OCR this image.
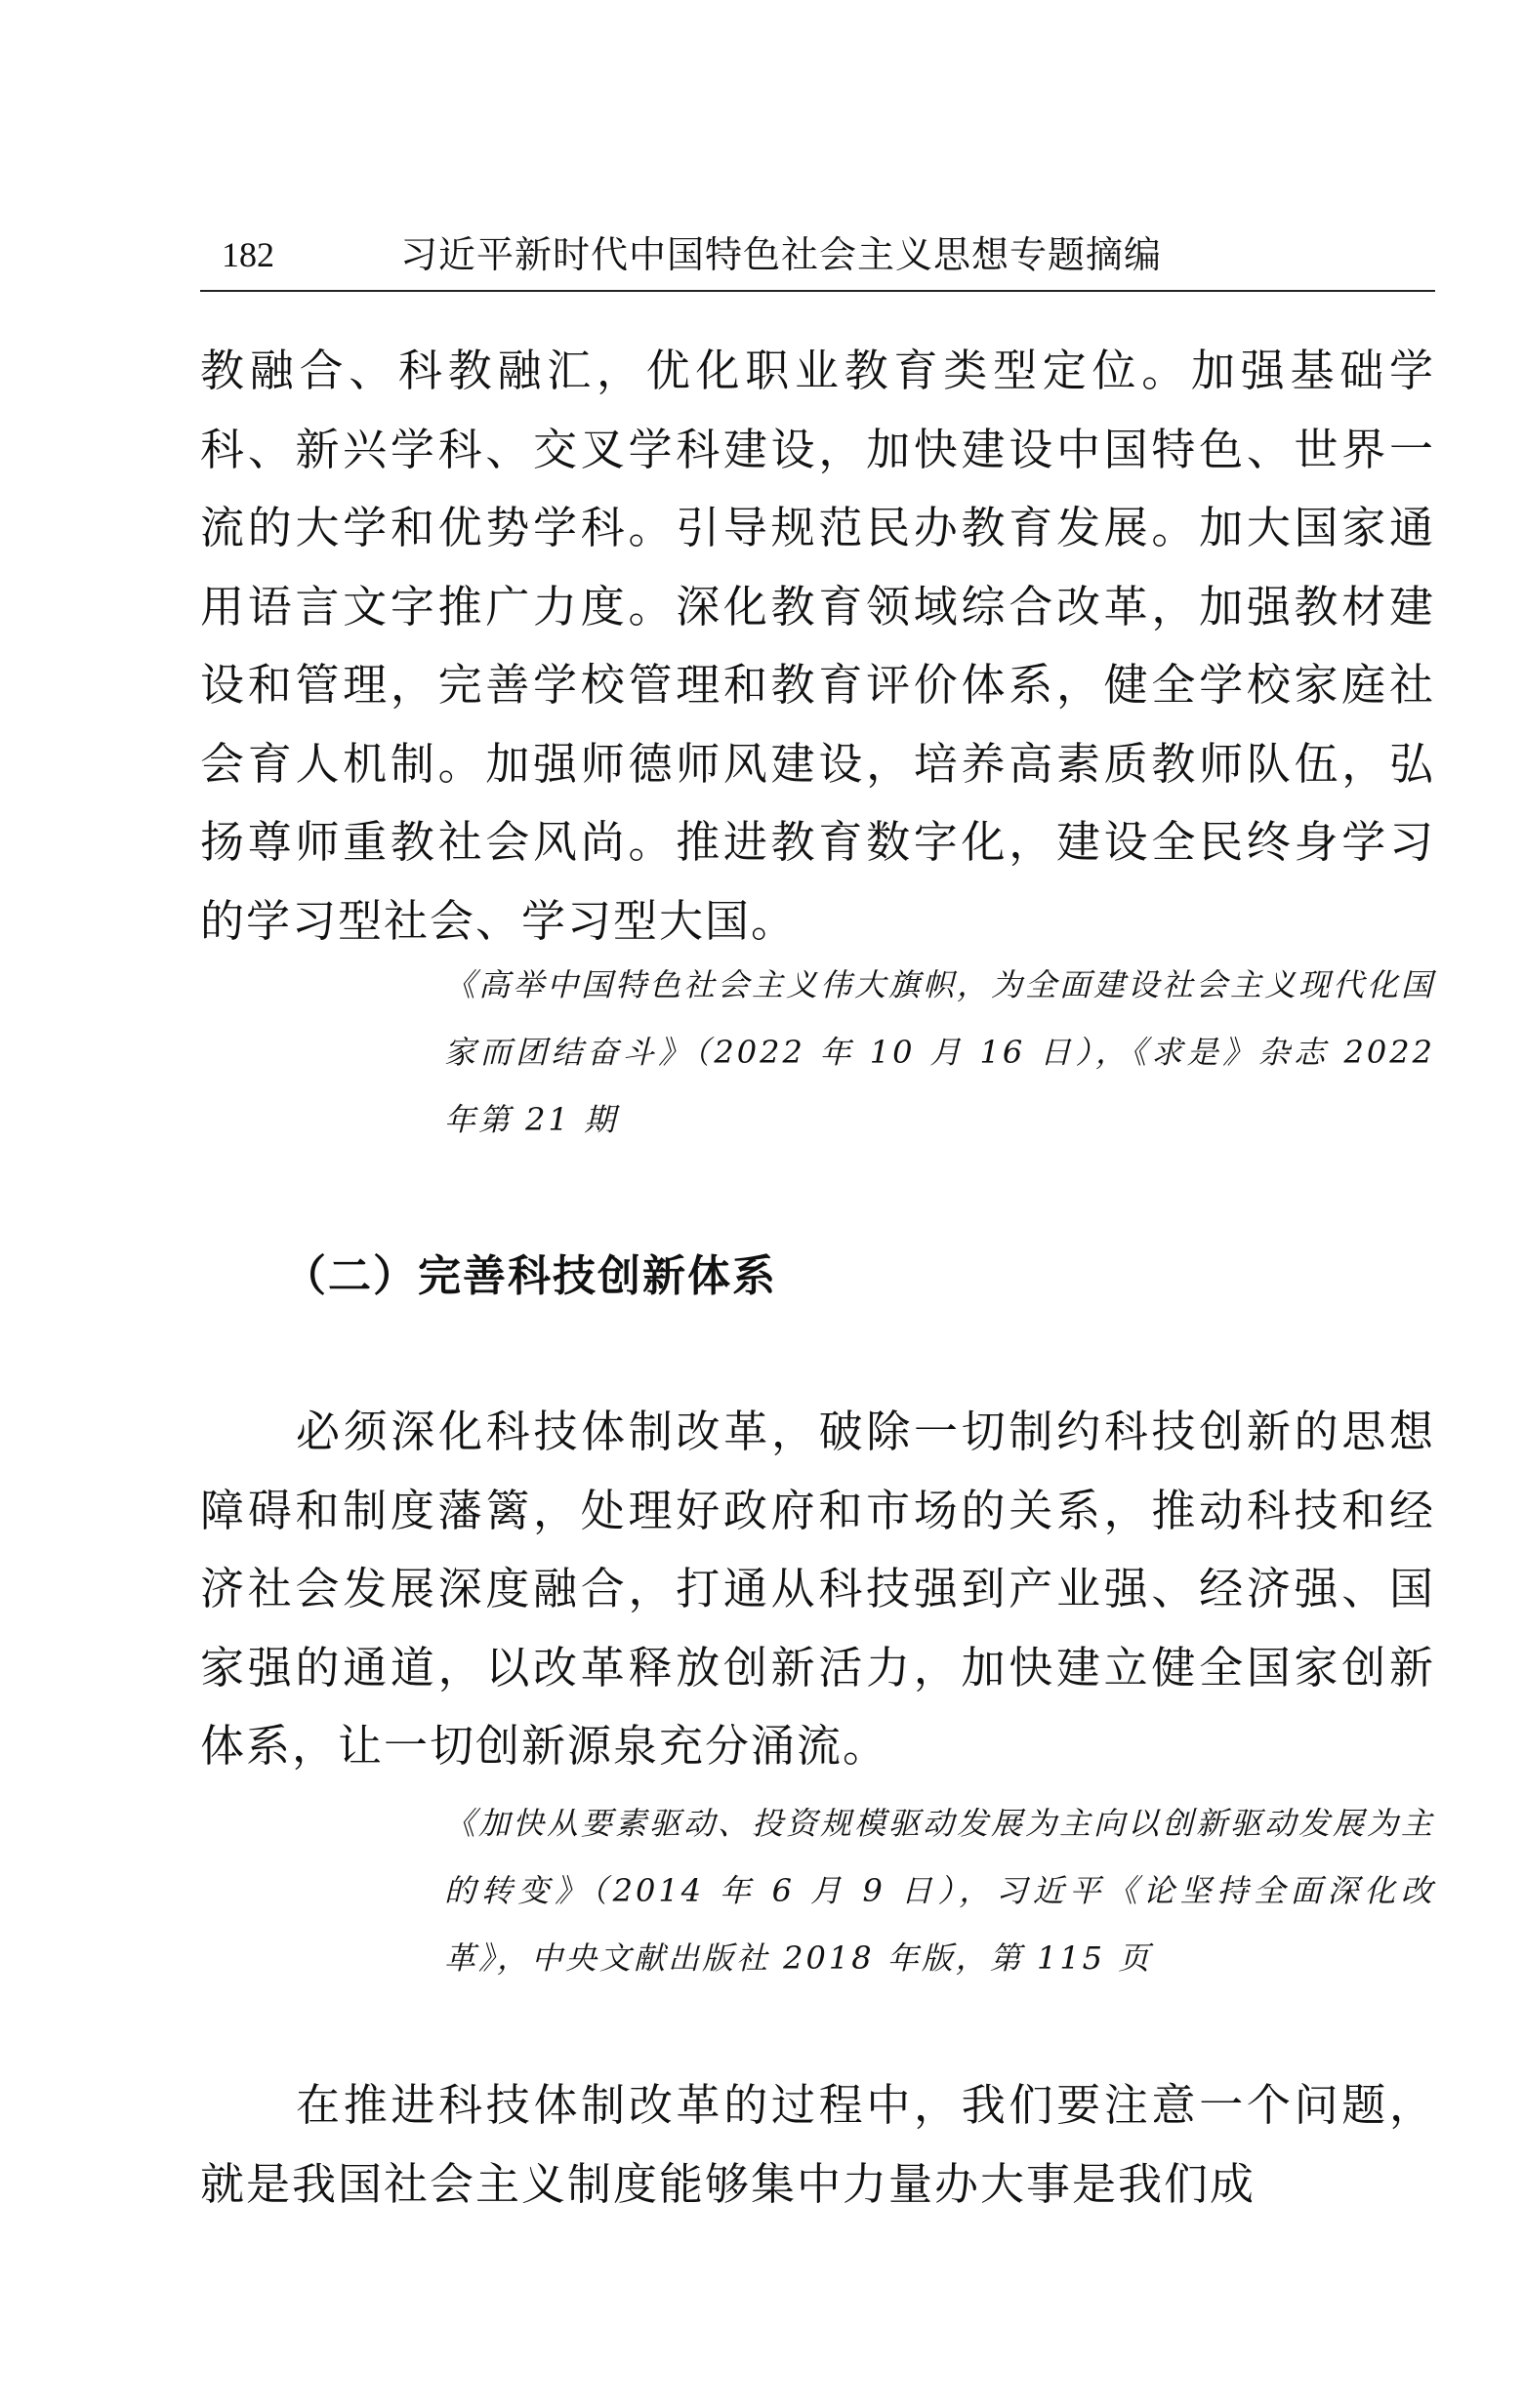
182	习近平新时代中国特色社会主义思想专题摘编

教融合、科教融汇，优化职业教育类型定位。加强基础学科、新兴学科、交叉学科建设，加快建设中国特色、世界一流的大学和优势学科。引导规范民办教育发展。加大国家通用语言文字推广力度。深化教育领域综合改革，加强教材建设和管理，完善学校管理和教育评价体系，健全学校家庭社会育人机制。加强师德师风建设，培养高素质教师队伍，弘扬尊师重教社会风尚。推进教育数字化，建设全民终身学习的学习型社会、学习型大国。

《高举中国特色社会主义伟大旗帜，为全面建设社会主义现代化国家而团结奋斗》（2022 年 10 月 16 日），《求是》杂志 2022 年第 21 期

（二）完善科技创新体系

必须深化科技体制改革，破除一切制约科技创新的思想障碍和制度藩篱，处理好政府和市场的关系，推动科技和经济社会发展深度融合，打通从科技强到产业强、经济强、国家强的通道，以改革释放创新活力，加快建立健全国家创新体系，让一切创新源泉充分涌流。

《加快从要素驱动、投资规模驱动发展为主向以创新驱动发展为主的转变》（2014 年 6 月 9 日），习近平《论坚持全面深化改革》，中央文献出版社 2018 年版，第 115 页

在推进科技体制改革的过程中，我们要注意一个问题，就是我国社会主义制度能够集中力量办大事是我们成
